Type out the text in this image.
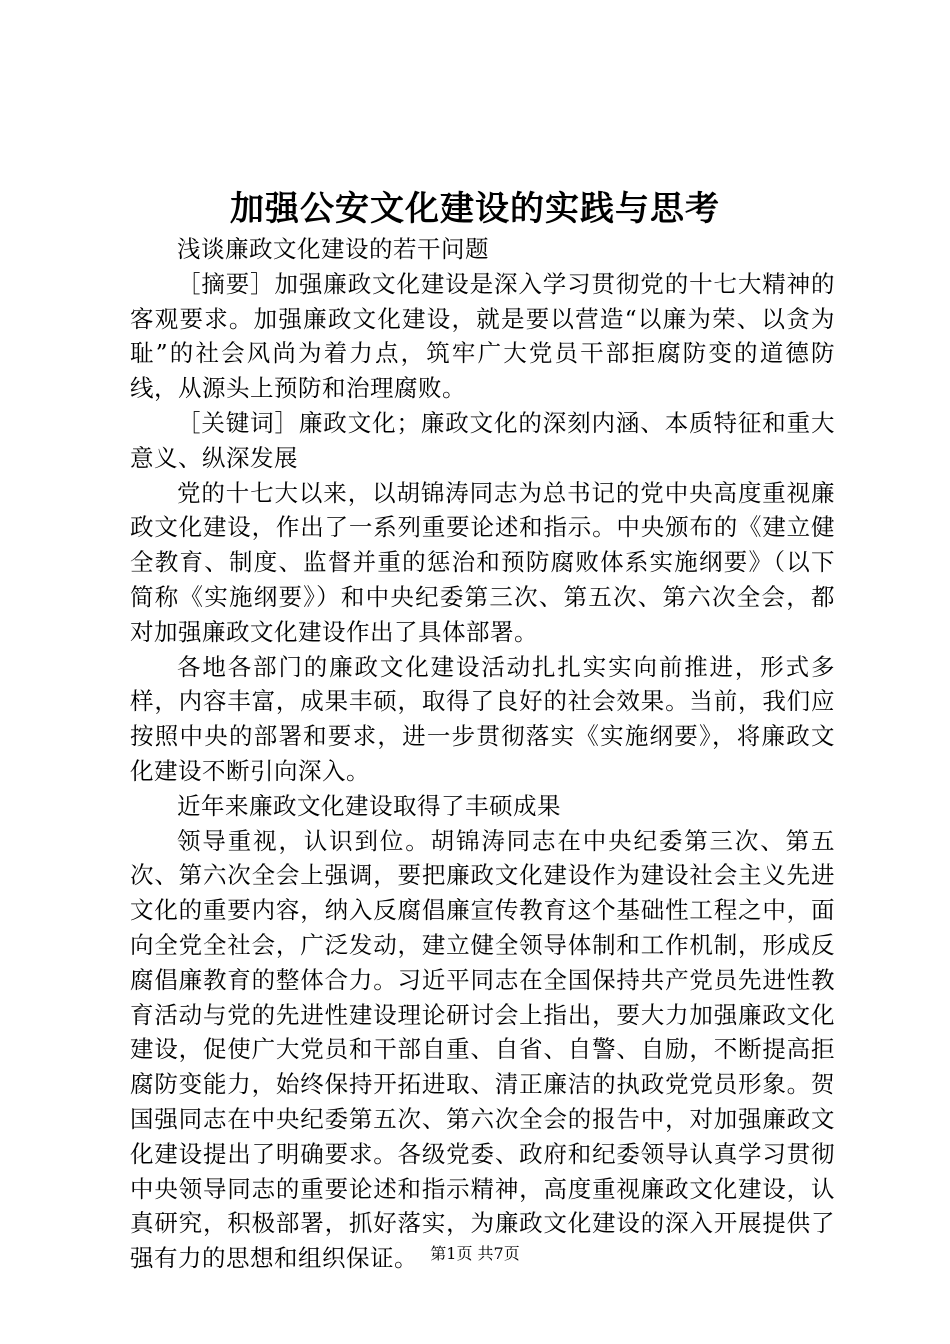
加强公安文化建设的实践与思考

浅谈廉政文化建设的若干问题

［摘要］加强廉政文化建设是深入学习贯彻党的十七大精神的客观要求。加强廉政文化建设，就是要以营造“以廉为荣、以贪为耻”的社会风尚为着力点，筑牢广大党员干部拒腐防变的道德防线，从源头上预防和治理腐败。

［关键词］廉政文化；廉政文化的深刻内涵、本质特征和重大意义、纵深发展

党的十七大以来，以胡锦涛同志为总书记的党中央高度重视廉政文化建设，作出了一系列重要论述和指示。中央颁布的《建立健全教育、制度、监督并重的惩治和预防腐败体系实施纲要》（以下简称《实施纲要》）和中央纪委第三次、第五次、第六次全会，都对加强廉政文化建设作出了具体部署。

各地各部门的廉政文化建设活动扎扎实实向前推进，形式多样，内容丰富，成果丰硕，取得了良好的社会效果。当前，我们应按照中央的部署和要求，进一步贯彻落实《实施纲要》，将廉政文化建设不断引向深入。

近年来廉政文化建设取得了丰硕成果

领导重视，认识到位。胡锦涛同志在中央纪委第三次、第五次、第六次全会上强调，要把廉政文化建设作为建设社会主义先进文化的重要内容，纳入反腐倡廉宣传教育这个基础性工程之中，面向全党全社会，广泛发动，建立健全领导体制和工作机制，形成反腐倡廉教育的整体合力。习近平同志在全国保持共产党员先进性教育活动与党的先进性建设理论研讨会上指出，要大力加强廉政文化建设，促使广大党员和干部自重、自省、自警、自励，不断提高拒腐防变能力，始终保持开拓进取、清正廉洁的执政党党员形象。贺国强同志在中央纪委第五次、第六次全会的报告中，对加强廉政文化建设提出了明确要求。各级党委、政府和纪委领导认真学习贯彻中央领导同志的重要论述和指示精神，高度重视廉政文化建设，认真研究，积极部署，抓好落实，为廉政文化建设的深入开展提供了强有力的思想和组织保证。 第1页 共7页
